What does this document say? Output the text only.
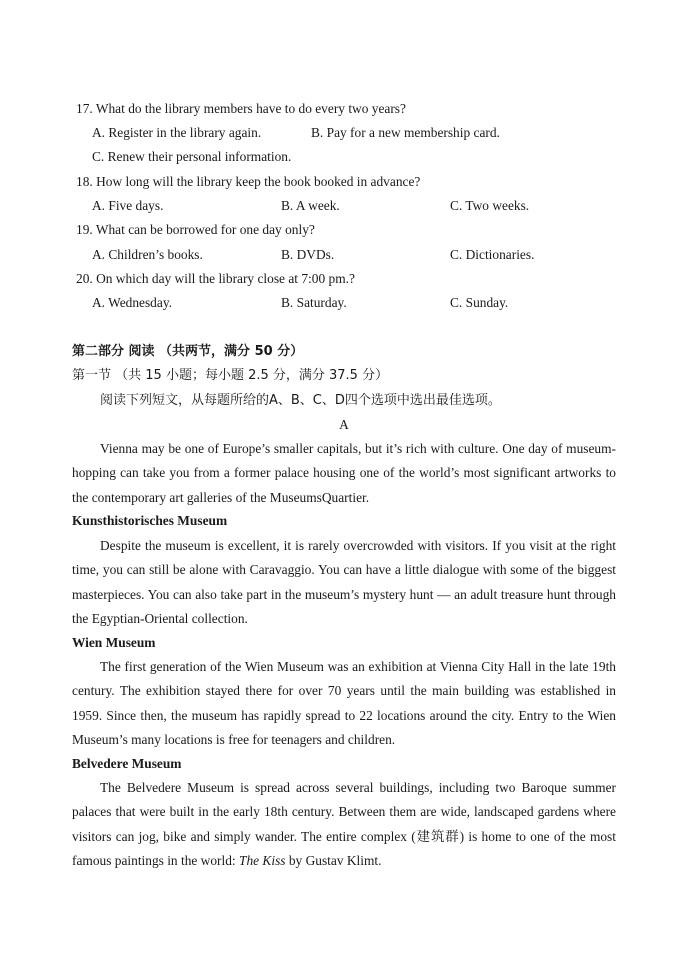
17. What do the library members have to do every two years?
A. Register in the library again.	B. Pay for a new membership card.
C. Renew their personal information.
18. How long will the library keep the book booked in advance?
A. Five days.	B. A week.	C. Two weeks.
19. What can be borrowed for one day only?
A. Children’s books.	B. DVDs.	C. Dictionaries.
20. On which day will the library close at 7:00 pm.?
A. Wednesday.	B. Saturday.	C. Sunday.
第二部分 阅读 （共两节，满分 50 分）
第一节 （共 15 小题；每小题 2.5 分，满分 37.5 分）
阅读下列短文，从每题所给的A、B、C、D四个选项中选出最佳选项。
A
Vienna may be one of Europe’s smaller capitals, but it’s rich with culture. One day of museum-hopping can take you from a former palace housing one of the world’s most significant artworks to the contemporary art galleries of the MuseumsQuartier.
Kunsthistorisches Museum
Despite the museum is excellent, it is rarely overcrowded with visitors. If you visit at the right time, you can still be alone with Caravaggio. You can have a little dialogue with some of the biggest masterpieces. You can also take part in the museum’s mystery hunt — an adult treasure hunt through the Egyptian-Oriental collection.
Wien Museum
The first generation of the Wien Museum was an exhibition at Vienna City Hall in the late 19th century. The exhibition stayed there for over 70 years until the main building was established in 1959. Since then, the museum has rapidly spread to 22 locations around the city. Entry to the Wien Museum’s many locations is free for teenagers and children.
Belvedere Museum
The Belvedere Museum is spread across several buildings, including two Baroque summer palaces that were built in the early 18th century. Between them are wide, landscaped gardens where visitors can jog, bike and simply wander. The entire complex (建筑群) is home to one of the most famous paintings in the world: The Kiss by Gustav Klimt.
